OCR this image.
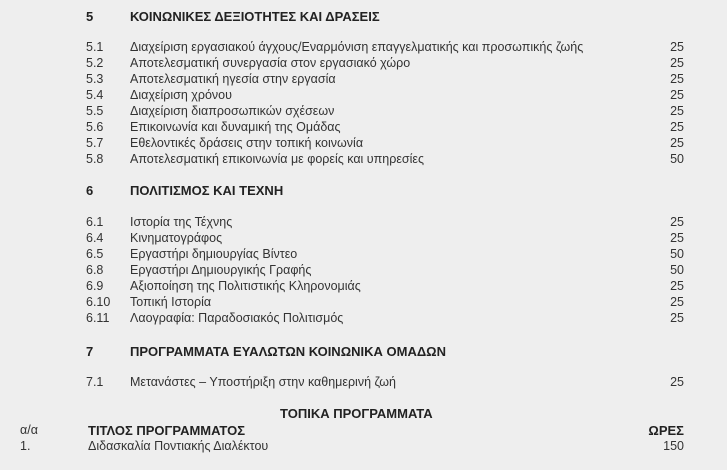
5	ΚΟΙΝΩΝΙΚΕΣ ΔΕΞΙΟΤΗΤΕΣ ΚΑΙ ΔΡΑΣΕΙΣ
5.1 Διαχείριση εργασιακού άγχους/Εναρμόνιση επαγγελματικής και προσωπικής ζωής	25
5.2 Αποτελεσματική συνεργασία στον εργασιακό χώρο	25
5.3 Αποτελεσματική ηγεσία στην εργασία	25
5.4 Διαχείριση χρόνου	25
5.5 Διαχείριση διαπροσωπικών σχέσεων	25
5.6 Επικοινωνία και δυναμική της Ομάδας	25
5.7 Εθελοντικές δράσεις στην τοπική κοινωνία	25
5.8 Αποτελεσματική επικοινωνία με φορείς και υπηρεσίες	50
6	ΠΟΛΙΤΙΣΜΟΣ ΚΑΙ ΤΕΧΝΗ
6.1 Ιστορία της Τέχνης	25
6.4 Κινηματογράφος	25
6.5 Εργαστήρι δημιουργίας Βίντεο	50
6.8 Εργαστήρι Δημιουργικής Γραφής	50
6.9 Αξιοποίηση της Πολιτιστικής Κληρονομιάς	25
6.10 Τοπική Ιστορία	25
6.11 Λαογραφία: Παραδοσιακός Πολιτισμός	25
7	ΠΡΟΓΡΑΜΜΑΤΑ ΕΥΑΛΩΤΩΝ ΚΟΙΝΩΝΙΚΑ ΟΜΑΔΩΝ
7.1 Μετανάστες – Υποστήριξη στην καθημερινή ζωή	25
ΤΟΠΙΚΑ ΠΡΟΓΡΑΜΜΑΤΑ
α/α	ΤΙΤΛΟΣ ΠΡΟΓΡΑΜΜΑΤΟΣ	ΩΡΕΣ
1.	Διδασκαλία Ποντιακής Διαλέκτου	150
